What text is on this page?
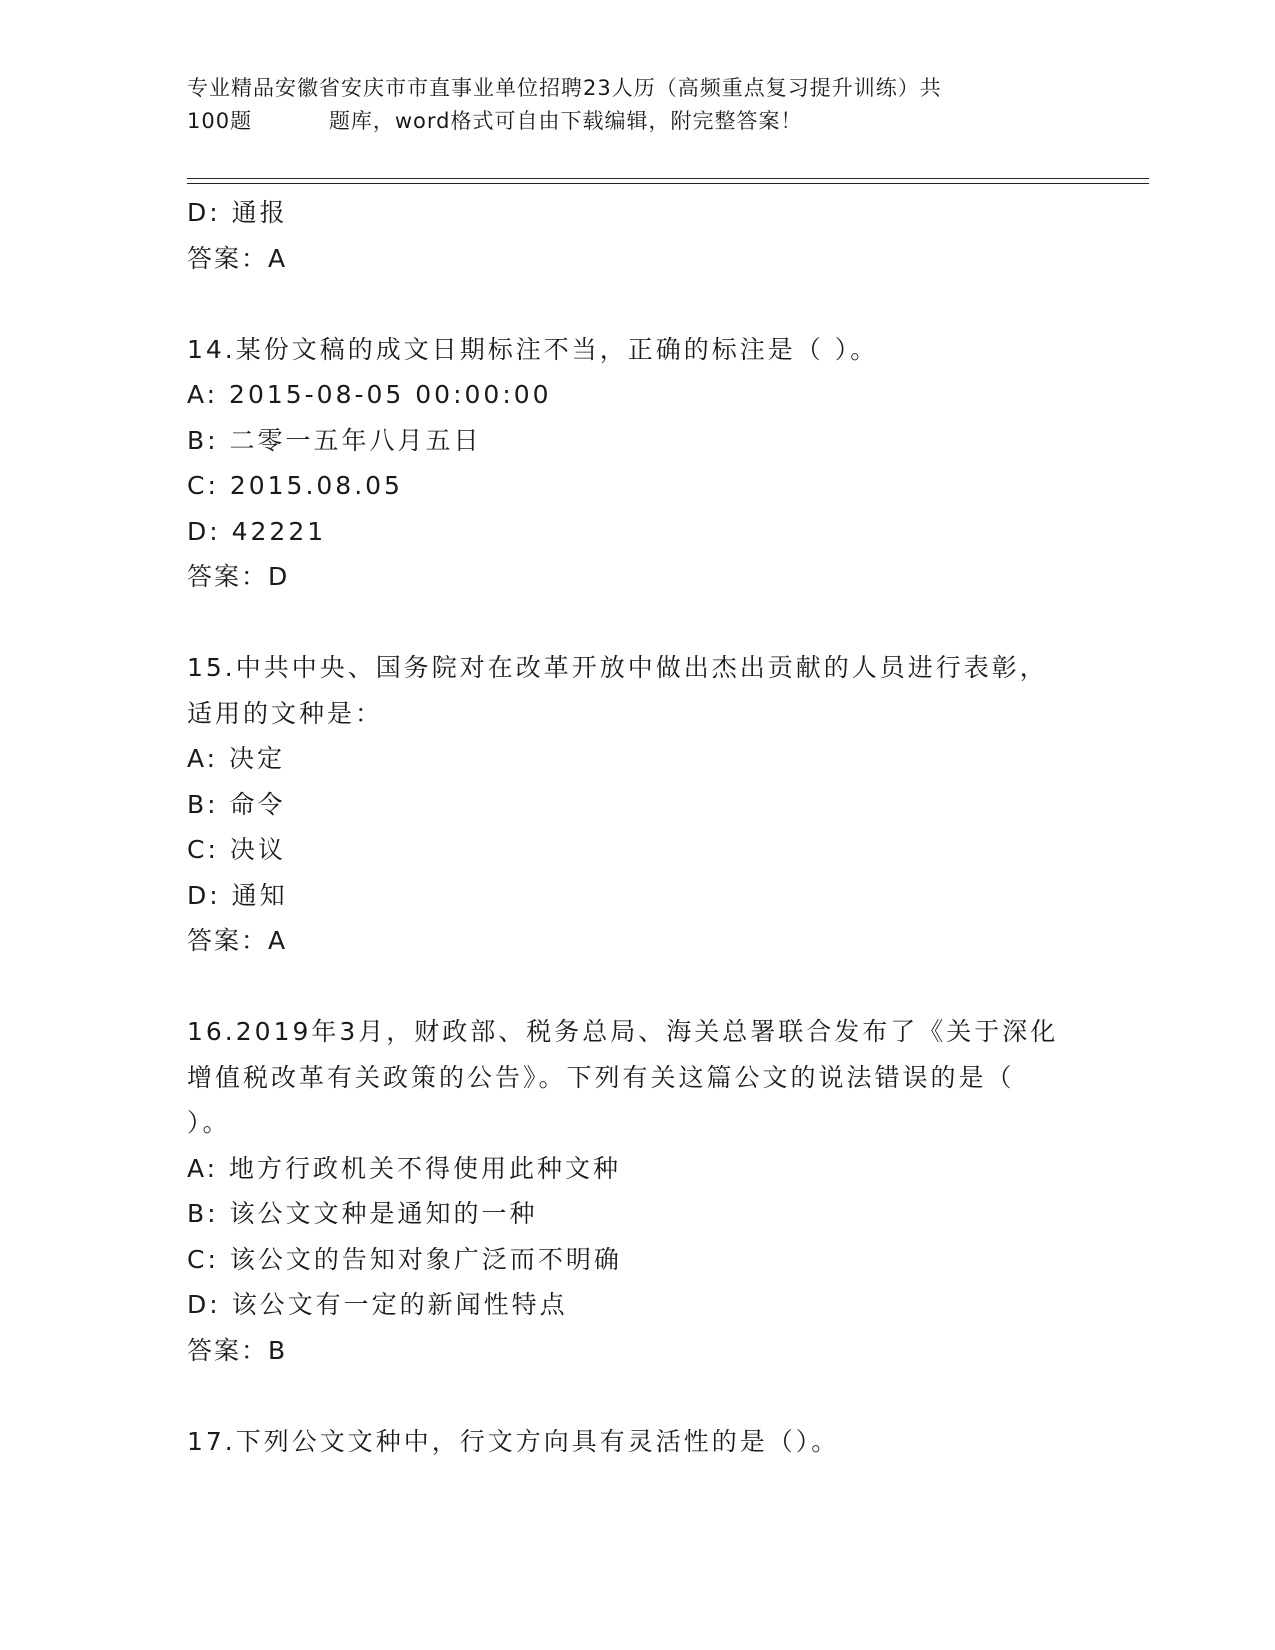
专业精品安徽省安庆市市直事业单位招聘23人历（高频重点复习提升训练）共
100题          题库，word格式可自由下载编辑，附完整答案！
D: 通报
答案：A
14.某份文稿的成文日期标注不当，正确的标注是（ ）。
A: 2015-08-05 00:00:00
B: 二零一五年八月五日
C: 2015.08.05
D: 42221
答案：D
15.中共中央、国务院对在改革开放中做出杰出贡献的人员进行表彰，
适用的文种是：
A: 决定
B: 命令
C: 决议
D: 通知
答案：A
16.2019年3月，财政部、税务总局、海关总署联合发布了《关于深化
增值税改革有关政策的公告》。下列有关这篇公文的说法错误的是（
）。
A: 地方行政机关不得使用此种文种
B: 该公文文种是通知的一种
C: 该公文的告知对象广泛而不明确
D: 该公文有一定的新闻性特点
答案：B
17.下列公文文种中，行文方向具有灵活性的是（）。
